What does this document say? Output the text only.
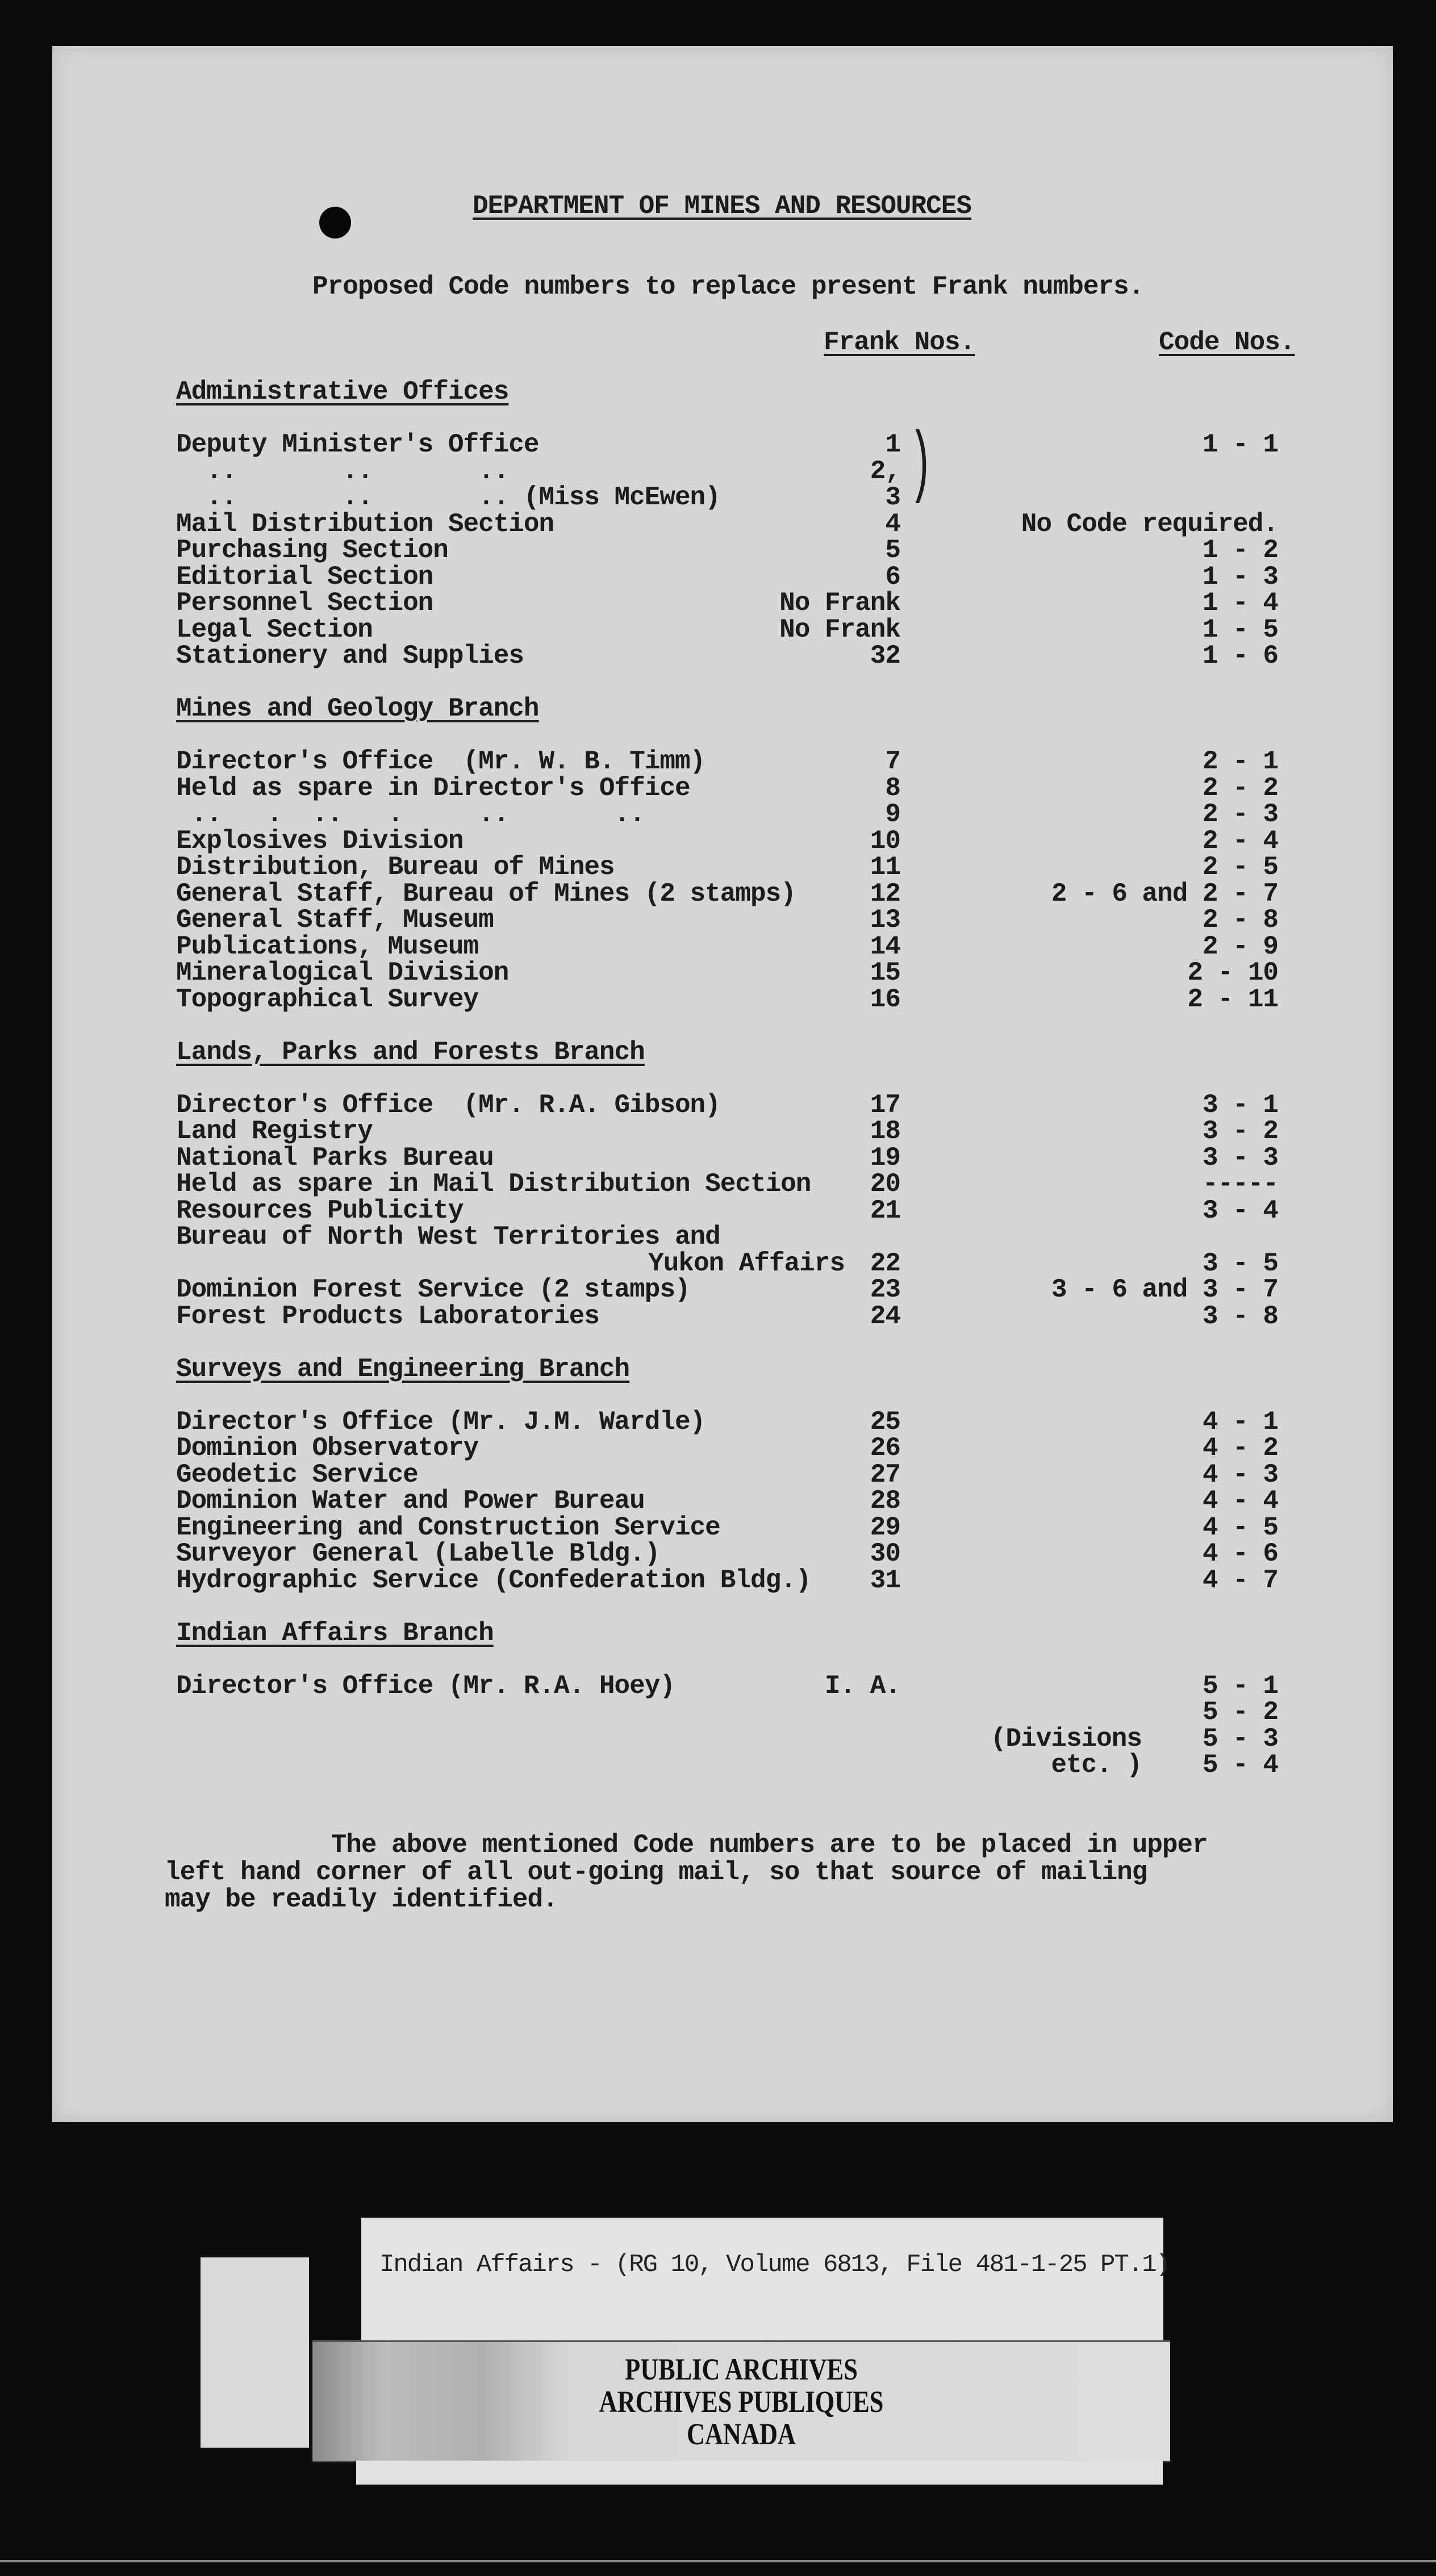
DEPARTMENT OF MINES AND RESOURCES
Proposed Code numbers to replace present Frank numbers.
Frank Nos.	Code Nos.
Administrative Offices
Deputy Minister's Office	1 )	1 - 1
..       ..       ..	2,
..       ..       .. (Miss McEwen)	3
Mail Distribution Section	4	No Code required.
Purchasing Section	5	1 - 2
Editorial Section	6	1 - 3
Personnel Section	No Frank	1 - 4
Legal Section	No Frank	1 - 5
Stationery and Supplies	32	1 - 6
Mines and Geology Branch
Director's Office  (Mr. W. B. Timm)	7	2 - 1
Held as spare in Director's Office	8	2 - 2
..   .  ..   .     ..       ..	9	2 - 3
Explosives Division	10	2 - 4
Distribution, Bureau of Mines	11	2 - 5
General Staff, Bureau of Mines (2 stamps)	12	2 - 6 and 2 - 7
General Staff, Museum	13	2 - 8
Publications, Museum	14	2 - 9
Mineralogical Division	15	2 - 10
Topographical Survey	16	2 - 11
Lands, Parks and Forests Branch
Director's Office  (Mr. R.A. Gibson)	17	3 - 1
Land Registry	18	3 - 2
National Parks Bureau	19	3 - 3
Held as spare in Mail Distribution Section 20	-----
Resources Publicity	21	3 - 4
Bureau of North West Territories and
Yukon Affairs 22	3 - 5
Dominion Forest Service (2 stamps)	23	3 - 6 and 3 - 7
Forest Products Laboratories	24	3 - 8
Surveys and Engineering Branch
Director's Office (Mr. J.M. Wardle)	25	4 - 1
Dominion Observatory	26	4 - 2
Geodetic Service	27	4 - 3
Dominion Water and Power Bureau	28	4 - 4
Engineering and Construction Service	29	4 - 5
Surveyor General (Labelle Bldg.)	30	4 - 6
Hydrographic Service (Confederation Bldg.) 31	4 - 7
Indian Affairs Branch
Director's Office (Mr. R.A. Hoey)	I. A.	5 - 1
5 - 2
(Divisions 5 - 3
etc. ) 5 - 4
The above mentioned Code numbers are to be placed in upper
left hand corner of all out-going mail, so that source of mailing
may be readily identified.
Indian Affairs - (RG 10, Volume 6813, File 481-1-25 PT.1)
PUBLIC ARCHIVES
ARCHIVES PUBLIQUES
CANADA
